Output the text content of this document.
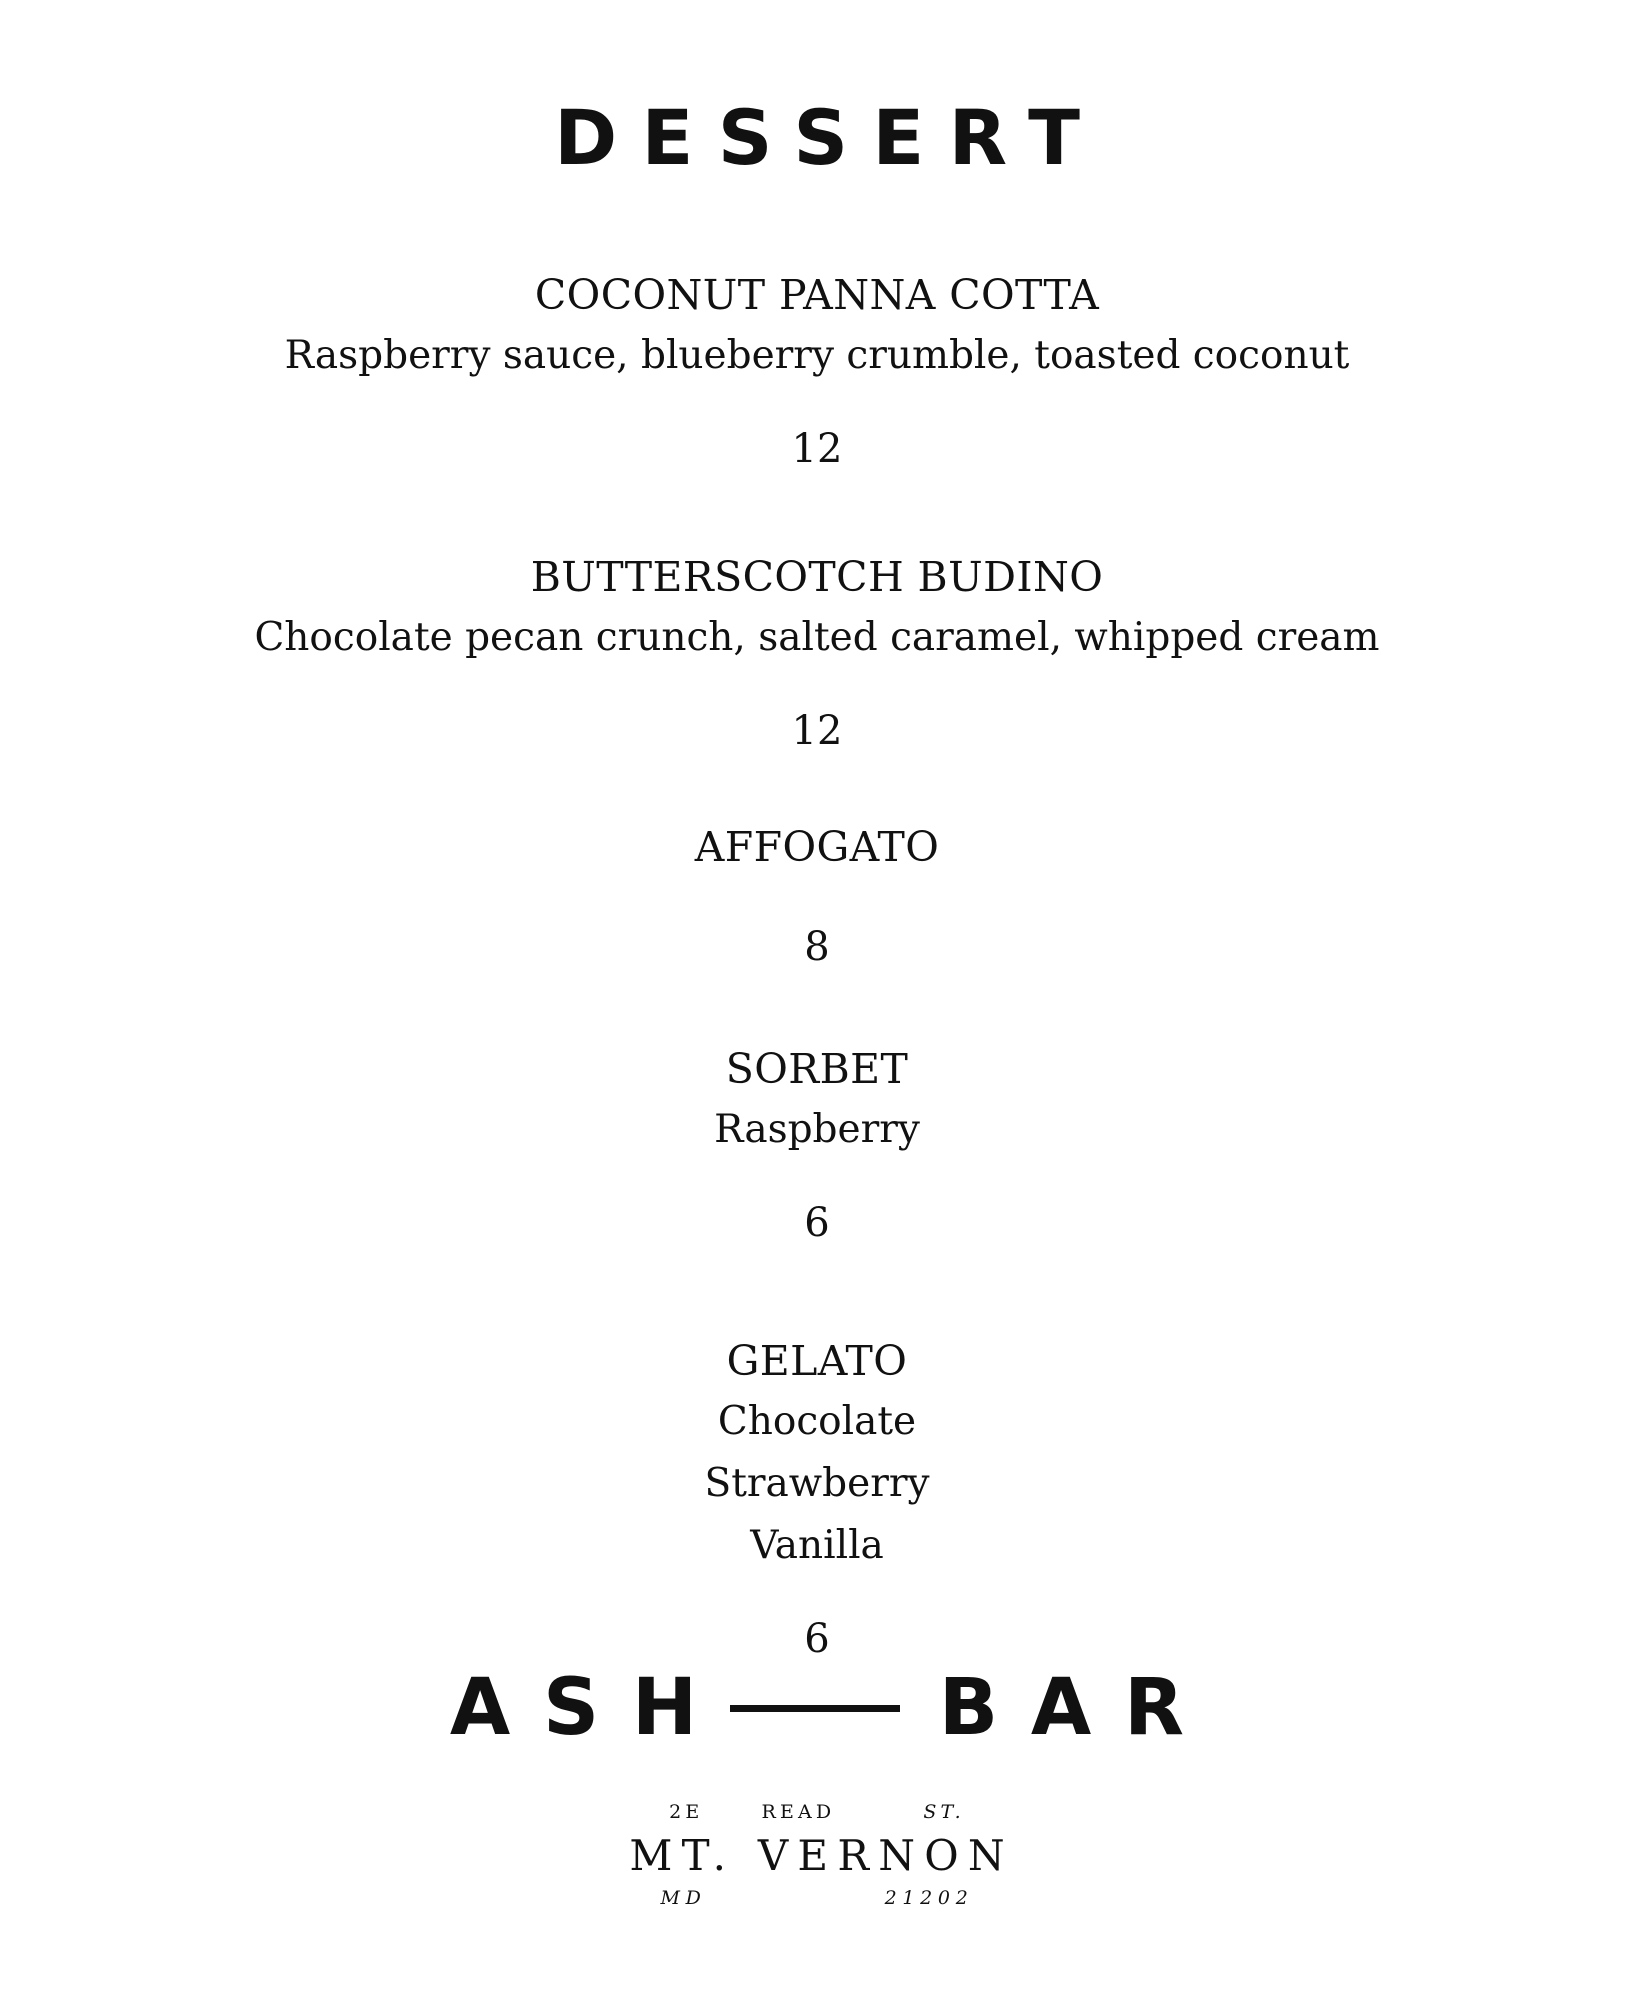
DESSERT
COCONUT PANNA COTTA
Raspberry sauce, blueberry crumble, toasted coconut
12
BUTTERSCOTCH BUDINO
Chocolate pecan crunch, salted caramel, whipped cream
12
AFFOGATO
8
SORBET
Raspberry
6
GELATO
Chocolate
Strawberry
Vanilla
6
ASH	BAR
2E	READ	ST.
MT. VERNON
MD	21202
